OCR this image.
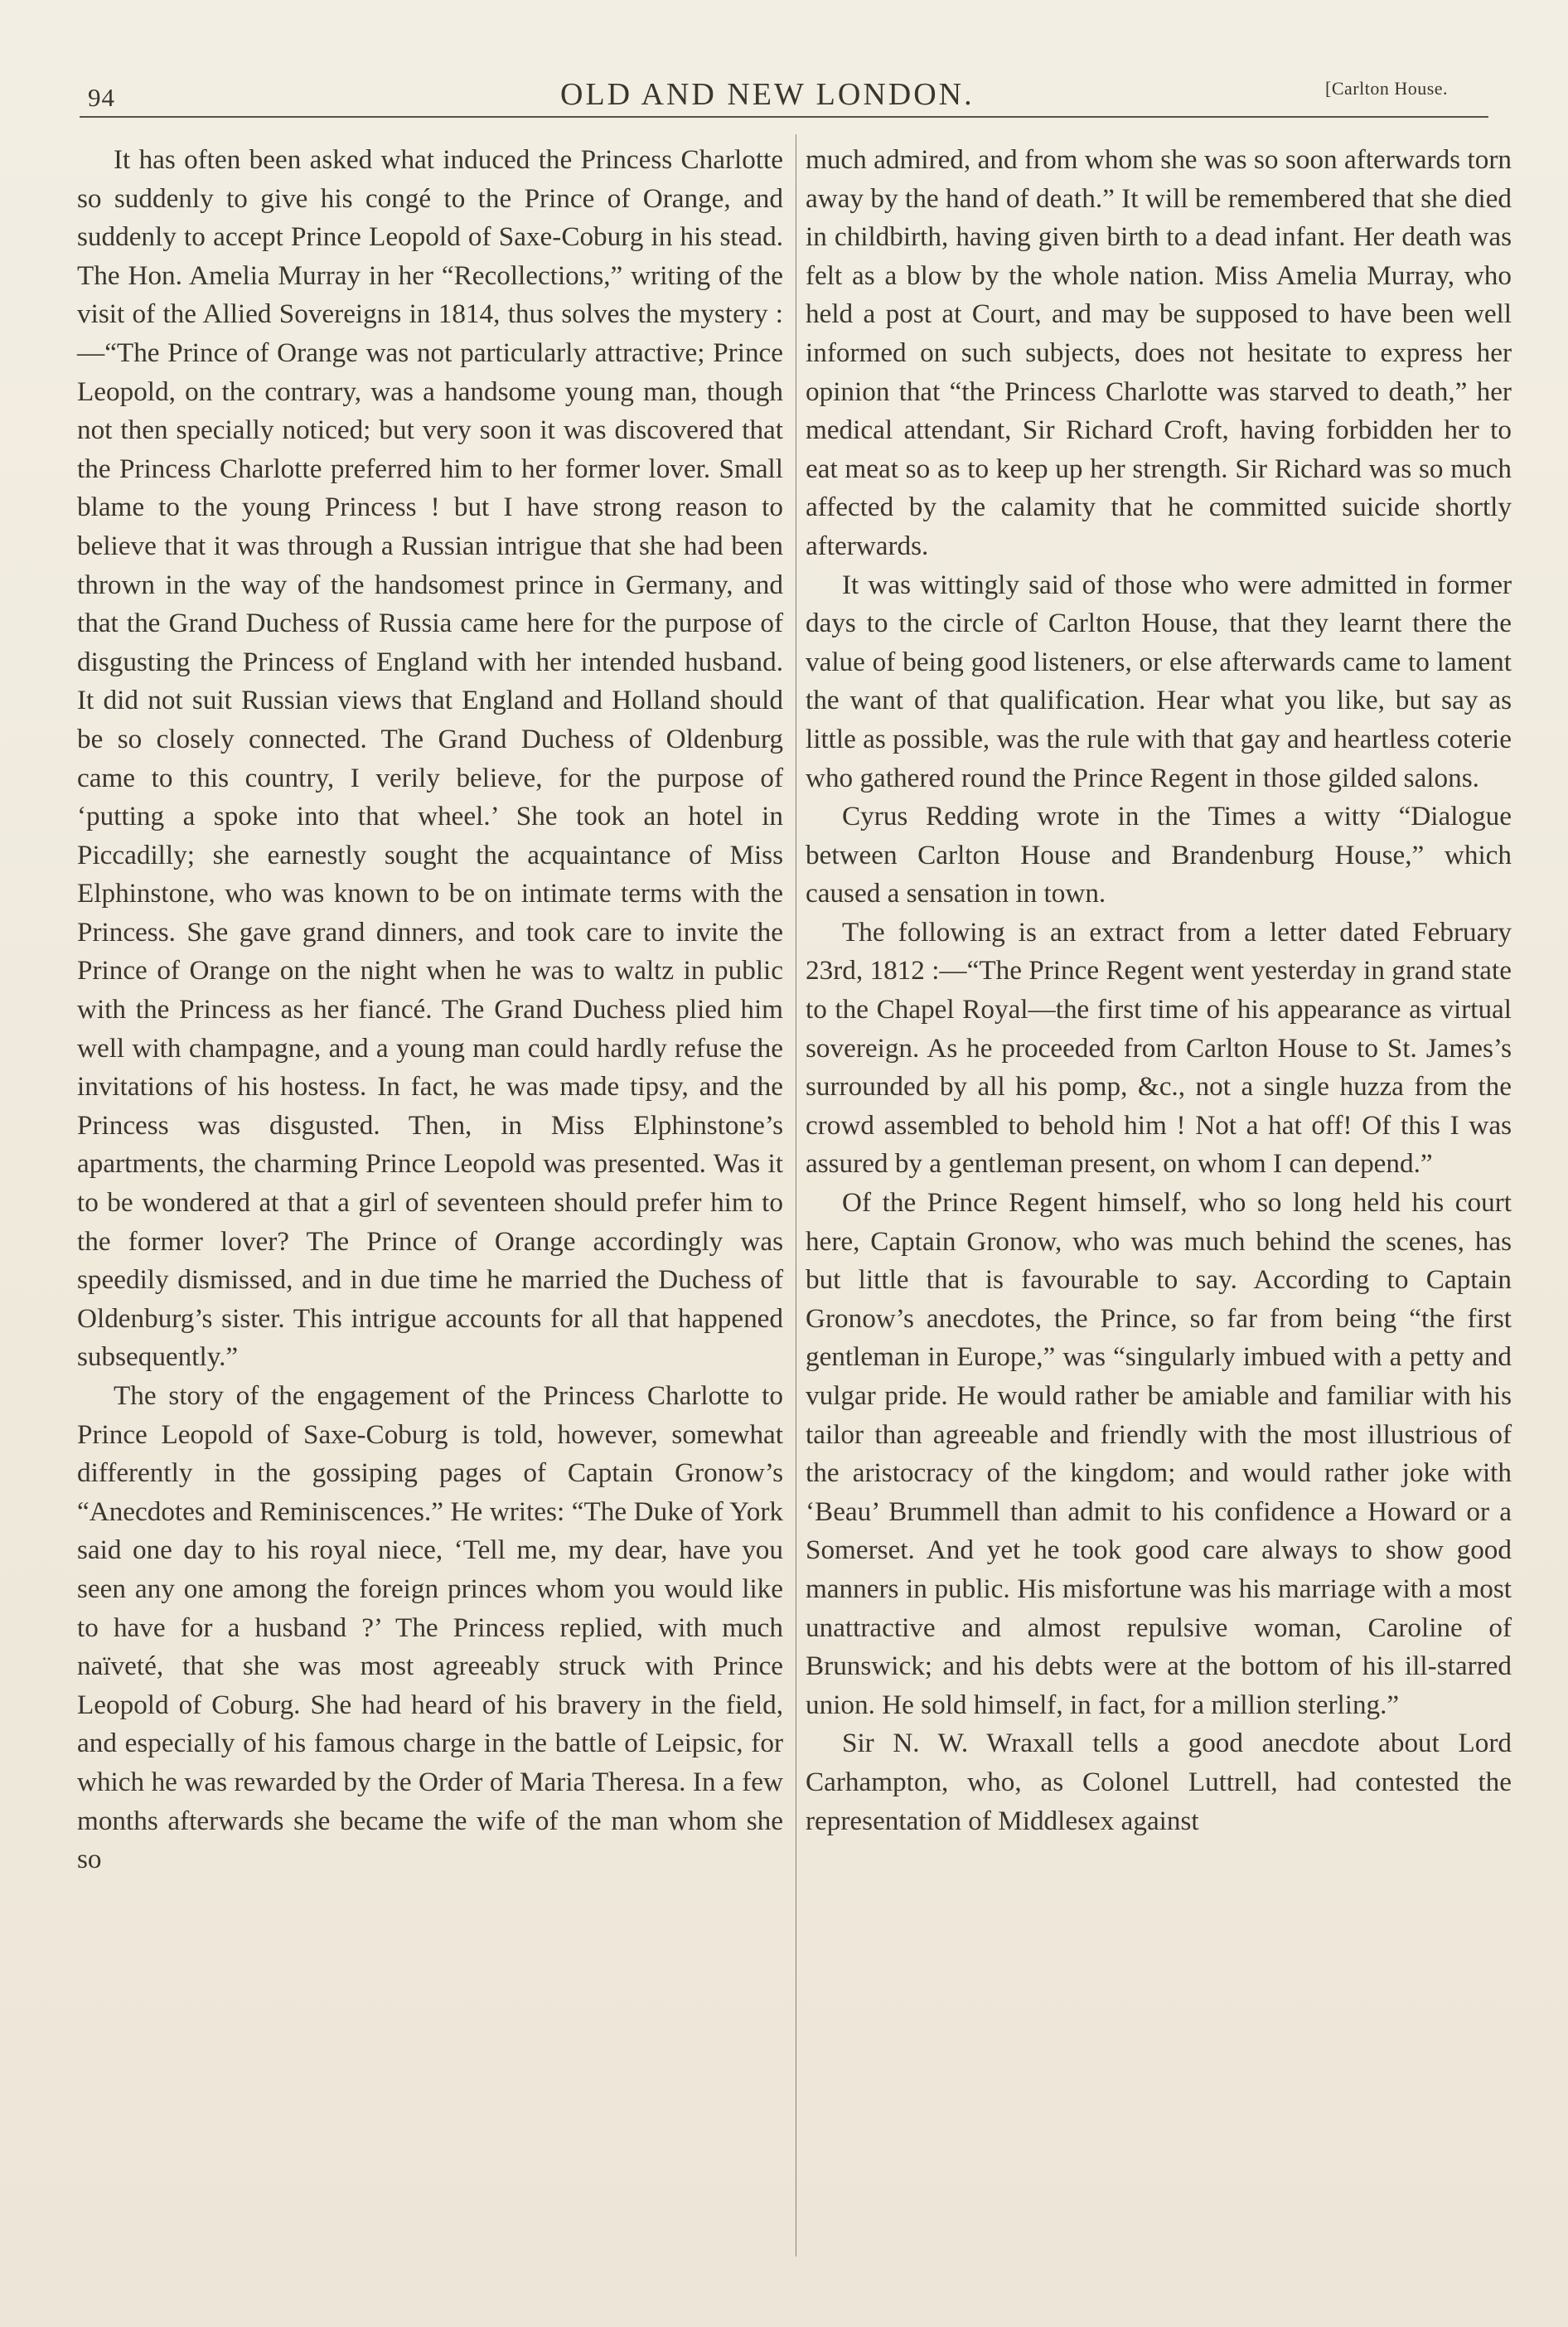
94	OLD AND NEW LONDON.	[Carlton House.

It has often been asked what induced the Princess Charlotte so suddenly to give his congé to the Prince of Orange, and suddenly to accept Prince Leopold of Saxe-Coburg in his stead. The Hon. Amelia Murray in her “Recollections,” writing of the visit of the Allied Sovereigns in 1814, thus solves the mystery :—“The Prince of Orange was not particularly attractive; Prince Leopold, on the contrary, was a handsome young man, though not then specially noticed; but very soon it was discovered that the Princess Charlotte preferred him to her former lover. Small blame to the young Princess ! but I have strong reason to believe that it was through a Russian intrigue that she had been thrown in the way of the handsomest prince in Germany, and that the Grand Duchess of Russia came here for the purpose of disgusting the Princess of England with her intended husband. It did not suit Russian views that England and Holland should be so closely connected. The Grand Duchess of Oldenburg came to this country, I verily believe, for the purpose of ‘putting a spoke into that wheel.’ She took an hotel in Piccadilly; she earnestly sought the acquaintance of Miss Elphinstone, who was known to be on intimate terms with the Princess. She gave grand dinners, and took care to invite the Prince of Orange on the night when he was to waltz in public with the Princess as her fiancé. The Grand Duchess plied him well with champagne, and a young man could hardly refuse the invitations of his hostess. In fact, he was made tipsy, and the Princess was disgusted. Then, in Miss Elphinstone’s apartments, the charming Prince Leopold was presented. Was it to be wondered at that a girl of seventeen should prefer him to the former lover? The Prince of Orange accordingly was speedily dismissed, and in due time he married the Duchess of Oldenburg’s sister. This intrigue accounts for all that happened subsequently.”

The story of the engagement of the Princess Charlotte to Prince Leopold of Saxe-Coburg is told, however, somewhat differently in the gossiping pages of Captain Gronow’s “Anecdotes and Reminiscences.” He writes: “The Duke of York said one day to his royal niece, ‘Tell me, my dear, have you seen any one among the foreign princes whom you would like to have for a husband ?’ The Princess replied, with much naïveté, that she was most agreeably struck with Prince Leopold of Coburg. She had heard of his bravery in the field, and especially of his famous charge in the battle of Leipsic, for which he was rewarded by the Order of Maria Theresa. In a few months afterwards she became the wife of the man whom she so

much admired, and from whom she was so soon afterwards torn away by the hand of death.” It will be remembered that she died in childbirth, having given birth to a dead infant. Her death was felt as a blow by the whole nation. Miss Amelia Murray, who held a post at Court, and may be supposed to have been well informed on such subjects, does not hesitate to express her opinion that “the Princess Charlotte was starved to death,” her medical attendant, Sir Richard Croft, having forbidden her to eat meat so as to keep up her strength. Sir Richard was so much affected by the calamity that he committed suicide shortly afterwards.

It was wittingly said of those who were admitted in former days to the circle of Carlton House, that they learnt there the value of being good listeners, or else afterwards came to lament the want of that qualification. Hear what you like, but say as little as possible, was the rule with that gay and heartless coterie who gathered round the Prince Regent in those gilded salons.

Cyrus Redding wrote in the Times a witty “Dialogue between Carlton House and Brandenburg House,” which caused a sensation in town.

The following is an extract from a letter dated February 23rd, 1812 :—“The Prince Regent went yesterday in grand state to the Chapel Royal—the first time of his appearance as virtual sovereign. As he proceeded from Carlton House to St. James’s surrounded by all his pomp, &c., not a single huzza from the crowd assembled to behold him ! Not a hat off! Of this I was assured by a gentleman present, on whom I can depend.”

Of the Prince Regent himself, who so long held his court here, Captain Gronow, who was much behind the scenes, has but little that is favourable to say. According to Captain Gronow’s anecdotes, the Prince, so far from being “the first gentleman in Europe,” was “singularly imbued with a petty and vulgar pride. He would rather be amiable and familiar with his tailor than agreeable and friendly with the most illustrious of the aristocracy of the kingdom; and would rather joke with ‘Beau’ Brummell than admit to his confidence a Howard or a Somerset. And yet he took good care always to show good manners in public. His misfortune was his marriage with a most unattractive and almost repulsive woman, Caroline of Brunswick; and his debts were at the bottom of his ill-starred union. He sold himself, in fact, for a million sterling.”

Sir N. W. Wraxall tells a good anecdote about Lord Carhampton, who, as Colonel Luttrell, had contested the representation of Middlesex against
